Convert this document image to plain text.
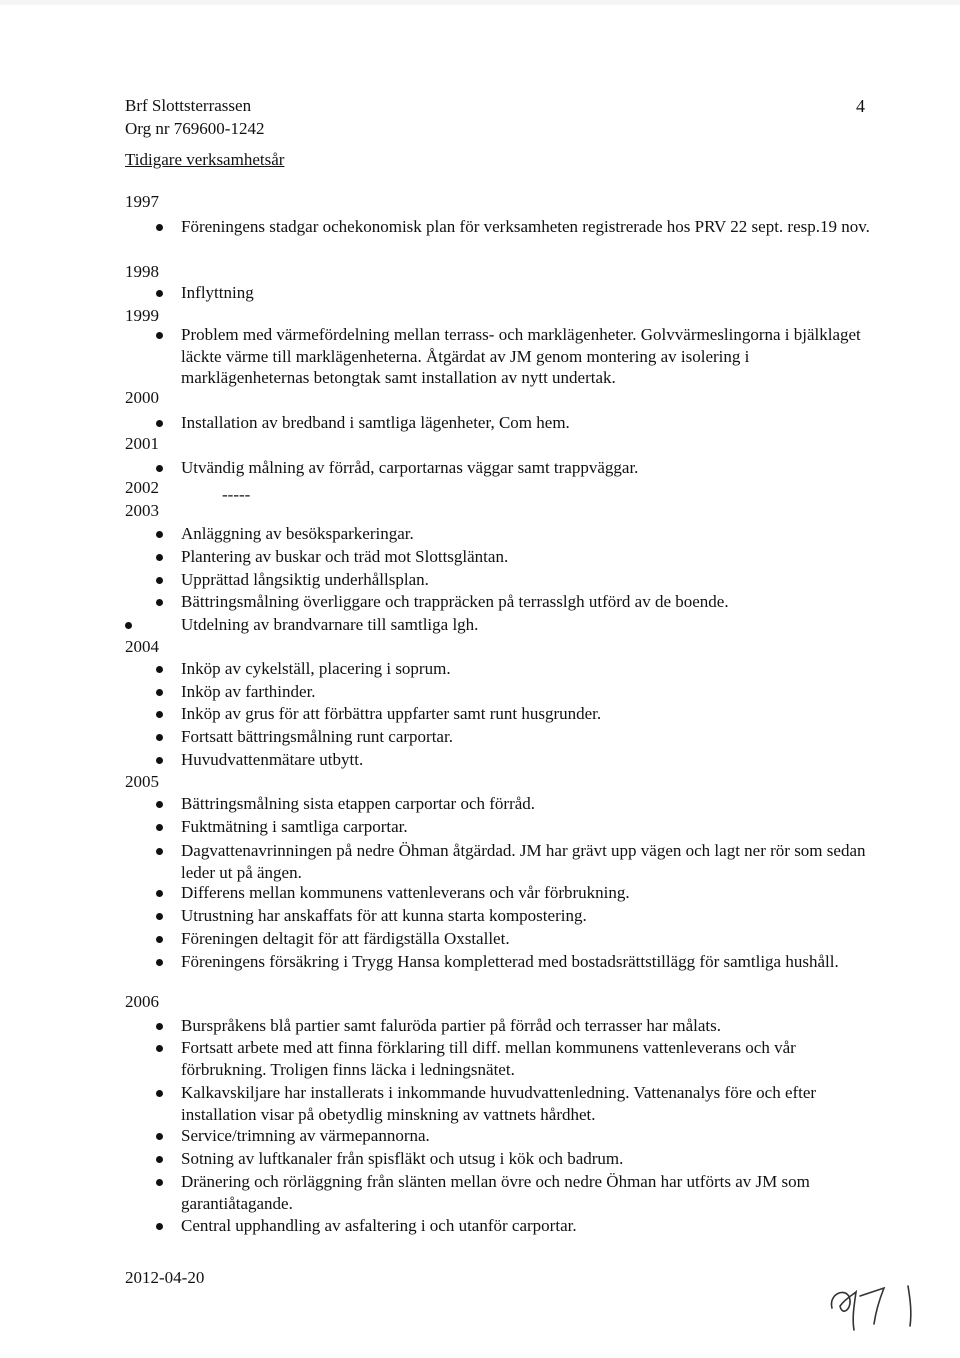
Brf Slottsterrassen
Org nr 769600-1242
4
Tidigare verksamhetsår
1997
Föreningens stadgar ochekonomisk plan för verksamheten registrerade hos PRV 22 sept. resp.19 nov.
1998
Inflyttning
1999
Problem med värmefördelning mellan terrass- och marklägenheter. Golvvärmeslingorna i bjälklaget läckte värme till marklägenheterna. Åtgärdat av JM genom montering av isolering i marklägenheternas betongtak samt installation av nytt undertak.
2000
Installation av bredband i samtliga lägenheter, Com hem.
2001
Utvändig målning av förråd, carportarnas väggar samt trappväggar.
2002	-----
2003
Anläggning av besöksparkeringar.
Plantering av buskar och träd mot Slottsgläntan.
Upprättad långsiktig underhållsplan.
Bättringsmålning överliggare och trappräcken på terrasslgh utförd av de boende.
Utdelning av brandvarnare till samtliga lgh.
2004
Inköp av cykelställ, placering i soprum.
Inköp av farthinder.
Inköp av grus för att förbättra uppfarter samt runt husgrunder.
Fortsatt bättringsmålning runt carportar.
Huvudvattenmätare utbytt.
2005
Bättringsmålning sista etappen carportar och förråd.
Fuktmätning i samtliga carportar.
Dagvattenavrinningen på nedre Öhman åtgärdad. JM har grävt upp vägen och lagt ner rör som sedan leder ut på ängen.
Differens mellan kommunens vattenleverans och vår förbrukning.
Utrustning har anskaffats för att kunna starta kompostering.
Föreningen deltagit för att färdigställa Oxstallet.
Föreningens försäkring i Trygg Hansa kompletterad med bostadsrättstillägg för samtliga hushåll.
2006
Burspråkens blå partier samt faluröda partier på förråd och terrasser har målats.
Fortsatt arbete med att finna förklaring till diff. mellan kommunens vattenleverans och vår förbrukning. Troligen finns läcka i ledningsnätet.
Kalkavskiljare har installerats i inkommande huvudvattenledning. Vattenanalys före och efter installation visar på obetydlig minskning av vattnets hårdhet.
Service/trimning av värmepannorna.
Sotning av luftkanaler från spisfläkt och utsug i kök och badrum.
Dränering och rörläggning från slänten mellan övre och nedre Öhman har utförts av JM som garantiåtagande.
Central upphandling av asfaltering i och utanför carportar.
2012-04-20
